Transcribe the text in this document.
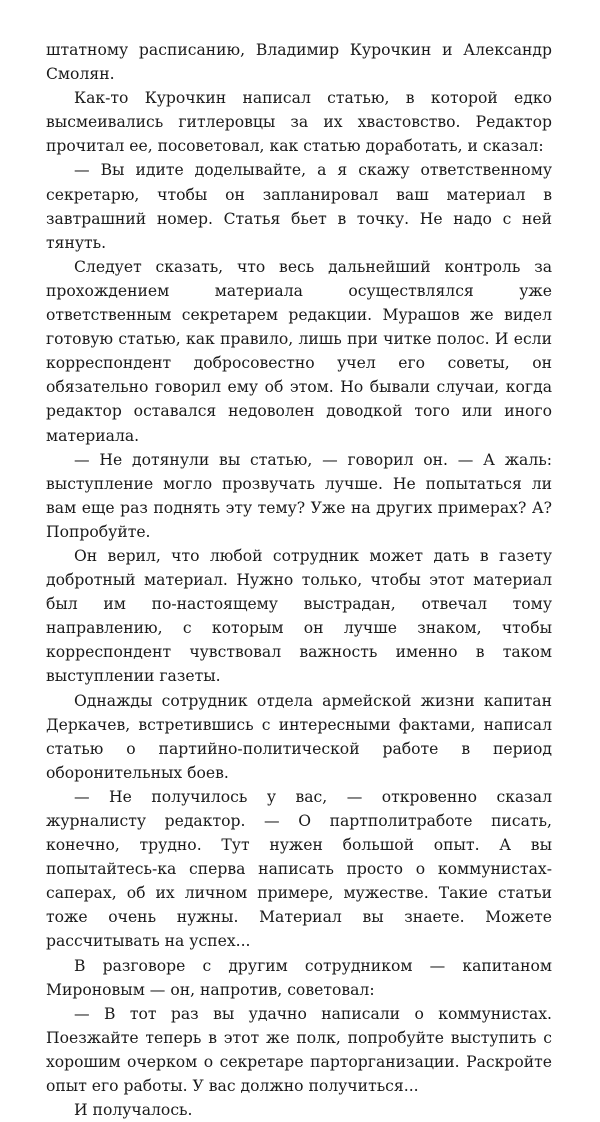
штатному расписанию, Владимир Курочкин и Александр Смолян.

Как-то Курочкин написал статью, в которой едко высмеивались гитлеровцы за их хвастовство. Редактор прочитал ее, посоветовал, как статью доработать, и сказал:

— Вы идите доделывайте, а я скажу ответственному секретарю, чтобы он запланировал ваш материал в завтрашний номер. Статья бьет в точку. Не надо с ней тянуть.

Следует сказать, что весь дальнейший контроль за прохождением материала осуществлялся уже ответственным секретарем редакции. Мурашов же видел готовую статью, как правило, лишь при читке полос. И если корреспондент добросовестно учел его советы, он обязательно говорил ему об этом. Но бывали случаи, когда редактор оставался недоволен доводкой того или иного материала.

— Не дотянули вы статью, — говорил он. — А жаль: выступление могло прозвучать лучше. Не попытаться ли вам еще раз поднять эту тему? Уже на других примерах? А? Попробуйте.

Он верил, что любой сотрудник может дать в газету добротный материал. Нужно только, чтобы этот материал был им по-настоящему выстрадан, отвечал тому направлению, с которым он лучше знаком, чтобы корреспондент чувствовал важность именно в таком выступлении газеты.

Однажды сотрудник отдела армейской жизни капитан Деркачев, встретившись с интересными фактами, написал статью о партийно-политической работе в период оборонительных боев.

— Не получилось у вас, — откровенно сказал журналисту редактор. — О партполитработе писать, конечно, трудно. Тут нужен большой опыт. А вы попытайтесь-ка сперва написать просто о коммунистах-саперах, об их личном примере, мужестве. Такие статьи тоже очень нужны. Материал вы знаете. Можете рассчитывать на успех...

В разговоре с другим сотрудником — капитаном Мироновым — он, напротив, советовал:

— В тот раз вы удачно написали о коммунистах. Поезжайте теперь в этот же полк, попробуйте выступить с хорошим очерком о секретаре парторганизации. Раскройте опыт его работы. У вас должно получиться...

И получалось.
